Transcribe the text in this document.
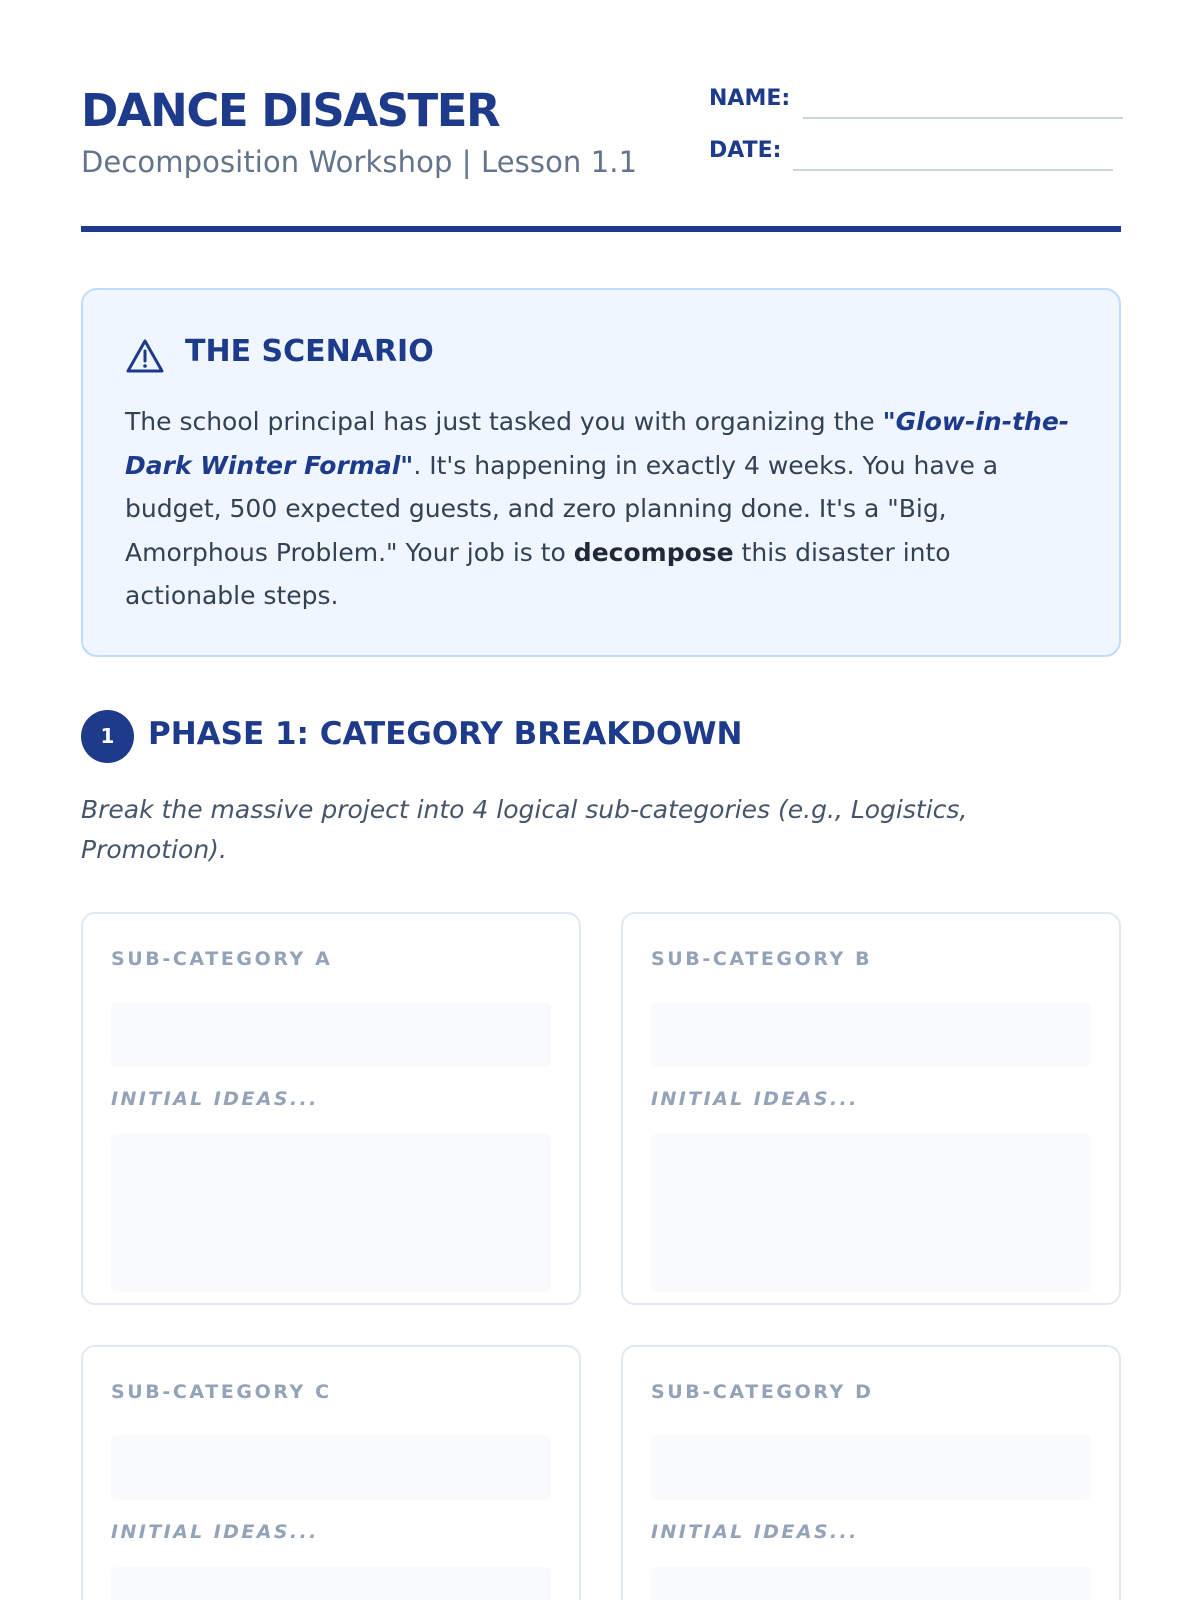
DANCE DISASTER
Decomposition Workshop | Lesson 1.1
NAME:
DATE:
THE SCENARIO

The school principal has just tasked you with organizing the "Glow-in-the-Dark Winter Formal". It's happening in exactly 4 weeks. You have a budget, 500 expected guests, and zero planning done. It's a "Big, Amorphous Problem." Your job is to decompose this disaster into actionable steps.

1	PHASE 1: CATEGORY BREAKDOWN
Break the massive project into 4 logical sub-categories (e.g., Logistics, Promotion).
SUB-CATEGORY A
INITIAL IDEAS...
SUB-CATEGORY B
INITIAL IDEAS...
SUB-CATEGORY C
INITIAL IDEAS...
SUB-CATEGORY D
INITIAL IDEAS...
